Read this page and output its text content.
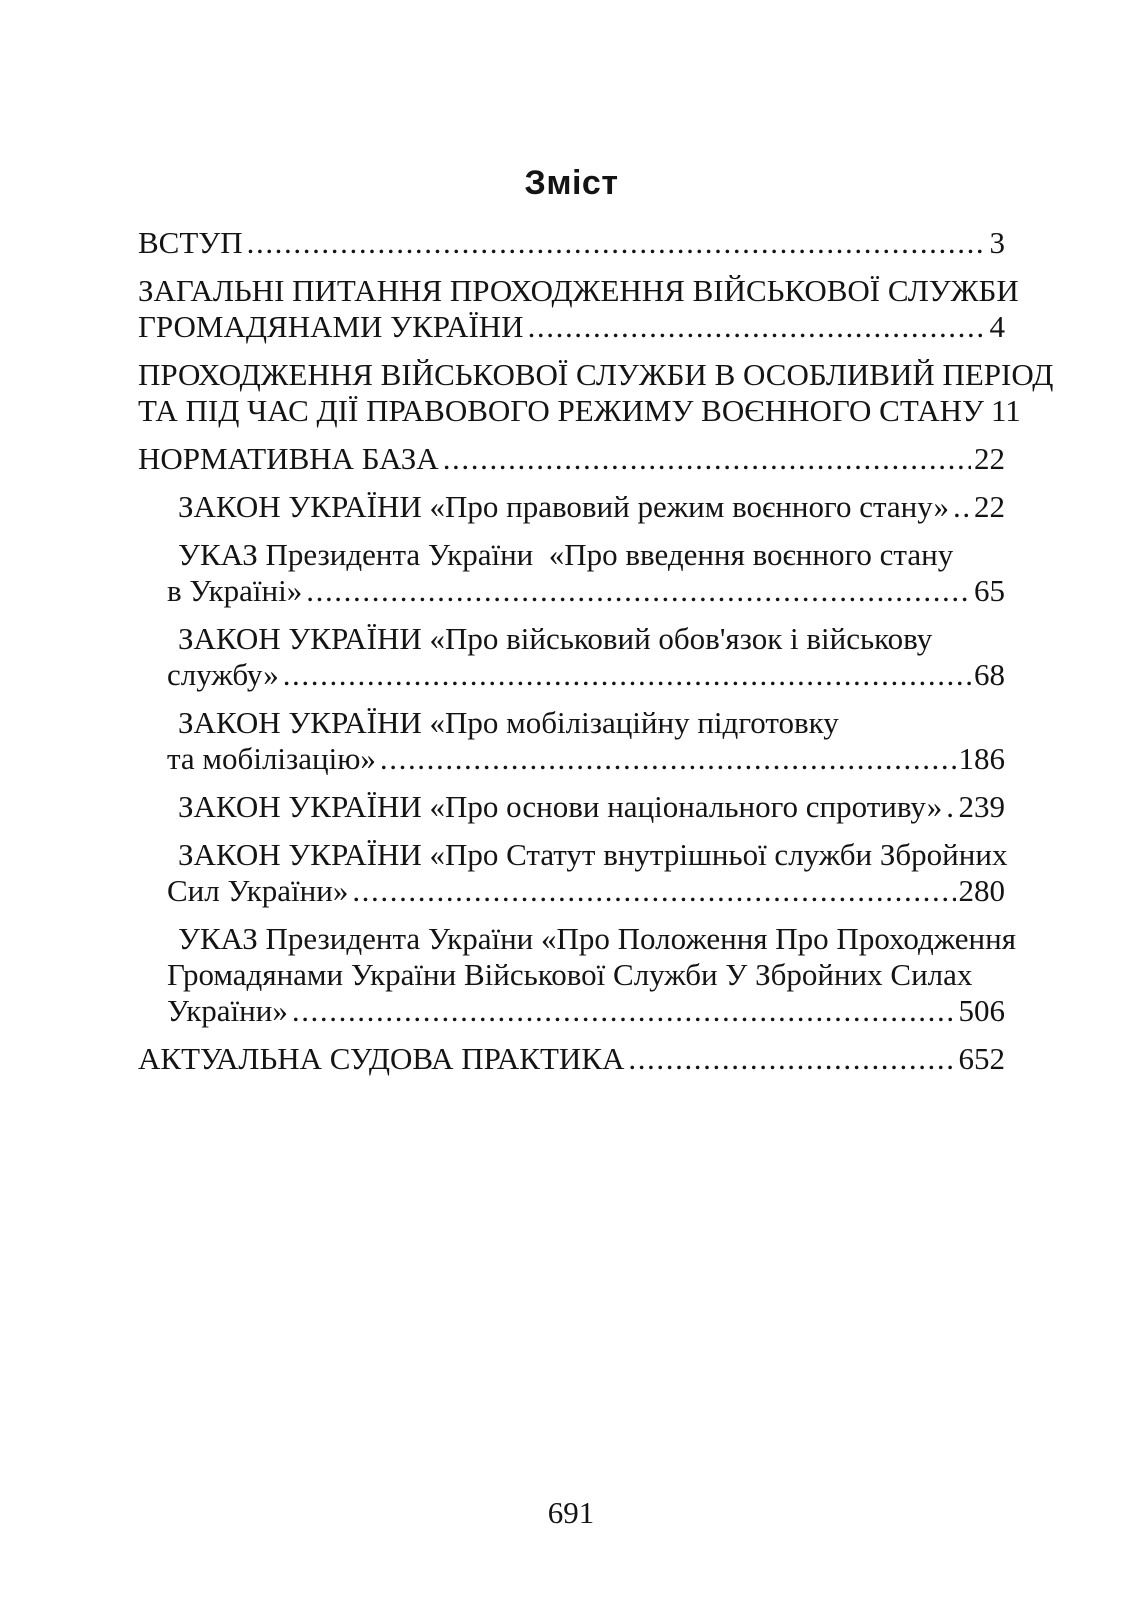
Зміст
ВСТУП .....	3
ЗАГАЛЬНІ ПИТАННЯ ПРОХОДЖЕННЯ ВІЙСЬКОВОЇ СЛУЖБИ
ГРОМАДЯНАМИ УКРАЇНИ .....	4
ПРОХОДЖЕННЯ ВІЙСЬКОВОЇ СЛУЖБИ В ОСОБЛИВИЙ ПЕРІОД
ТА ПІД ЧАС ДІЇ ПРАВОВОГО РЕЖИМУ ВОЄННОГО СТАНУ 11
НОРМАТИВНА БАЗА .....	22
ЗАКОН УКРАЇНИ «Про правовий режим воєнного стану» ..... 22
УКАЗ Президента України  «Про введення воєнного стану
в Україні» .....	65
ЗАКОН УКРАЇНИ «Про військовий обов'язок і військову
службу» .....	68
ЗАКОН УКРАЇНИ «Про мобілізаційну підготовку
та мобілізацію» .....	186
ЗАКОН УКРАЇНИ «Про основи національного спротиву» ..... 239
ЗАКОН УКРАЇНИ «Про Статут внутрішньої служби Збройних
Сил України» .....	280
УКАЗ Президента України «Про Положення Про Проходження
Громадянами України Військової Служби У Збройних Силах
України» .....	506
АКТУАЛЬНА СУДОВА ПРАКТИКА .....	652
691
